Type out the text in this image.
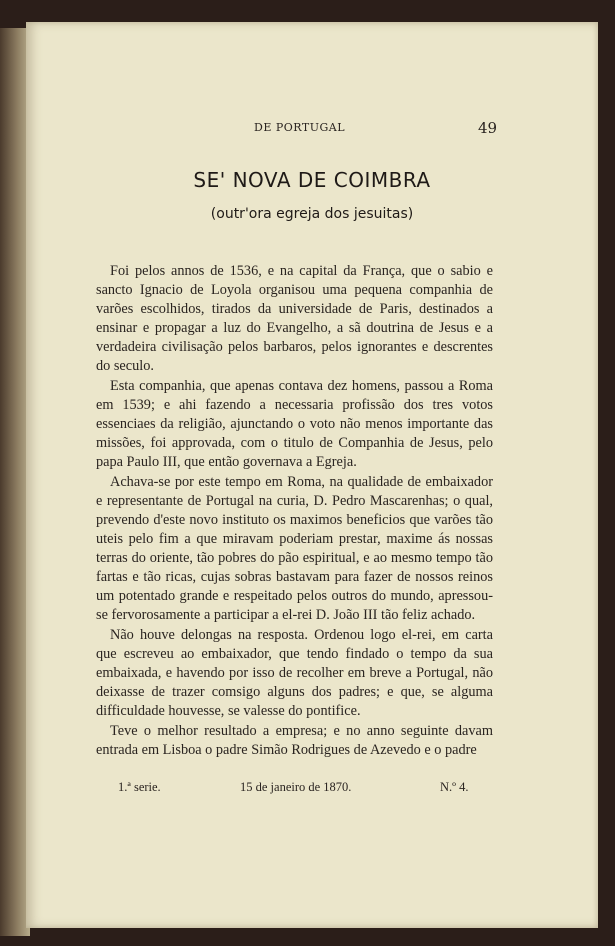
DE PORTUGAL	49
SE' NOVA DE COIMBRA
(outr'ora egreja dos jesuitas)

Foi pelos annos de 1536, e na capital da França, que o sabio e sancto Ignacio de Loyola organisou uma pequena companhia de varões escolhidos, tirados da universidade de Paris, destinados a ensinar e propagar a luz do Evangelho, a sã doutrina de Jesus e a verdadeira civilisação pelos barbaros, pelos ignorantes e descrentes do seculo.

Esta companhia, que apenas contava dez homens, passou a Roma em 1539; e ahi fazendo a necessaria profissão dos tres votos essenciaes da religião, ajunctando o voto não menos importante das missões, foi approvada, com o titulo de Companhia de Jesus, pelo papa Paulo III, que então governava a Egreja.

Achava-se por este tempo em Roma, na qualidade de embaixador e representante de Portugal na curia, D. Pedro Mascarenhas; o qual, prevendo d'este novo instituto os maximos beneficios que varões tão uteis pelo fim a que miravam poderiam prestar, maxime ás nossas terras do oriente, tão pobres do pão espiritual, e ao mesmo tempo tão fartas e tão ricas, cujas sobras bastavam para fazer de nossos reinos um potentado grande e respeitado pelos outros do mundo, apressou-se fervorosamente a participar a el-rei D. João III tão feliz achado.

Não houve delongas na resposta. Ordenou logo el-rei, em carta que escreveu ao embaixador, que tendo findado o tempo da sua embaixada, e havendo por isso de recolher em breve a Portugal, não deixasse de trazer comsigo alguns dos padres; e que, se alguma difficuldade houvesse, se valesse do pontifice.

Teve o melhor resultado a empresa; e no anno seguinte davam entrada em Lisboa o padre Simão Rodrigues de Azevedo e o padre

1.ª serie.	15 de janeiro de 1870.	N.º 4.
